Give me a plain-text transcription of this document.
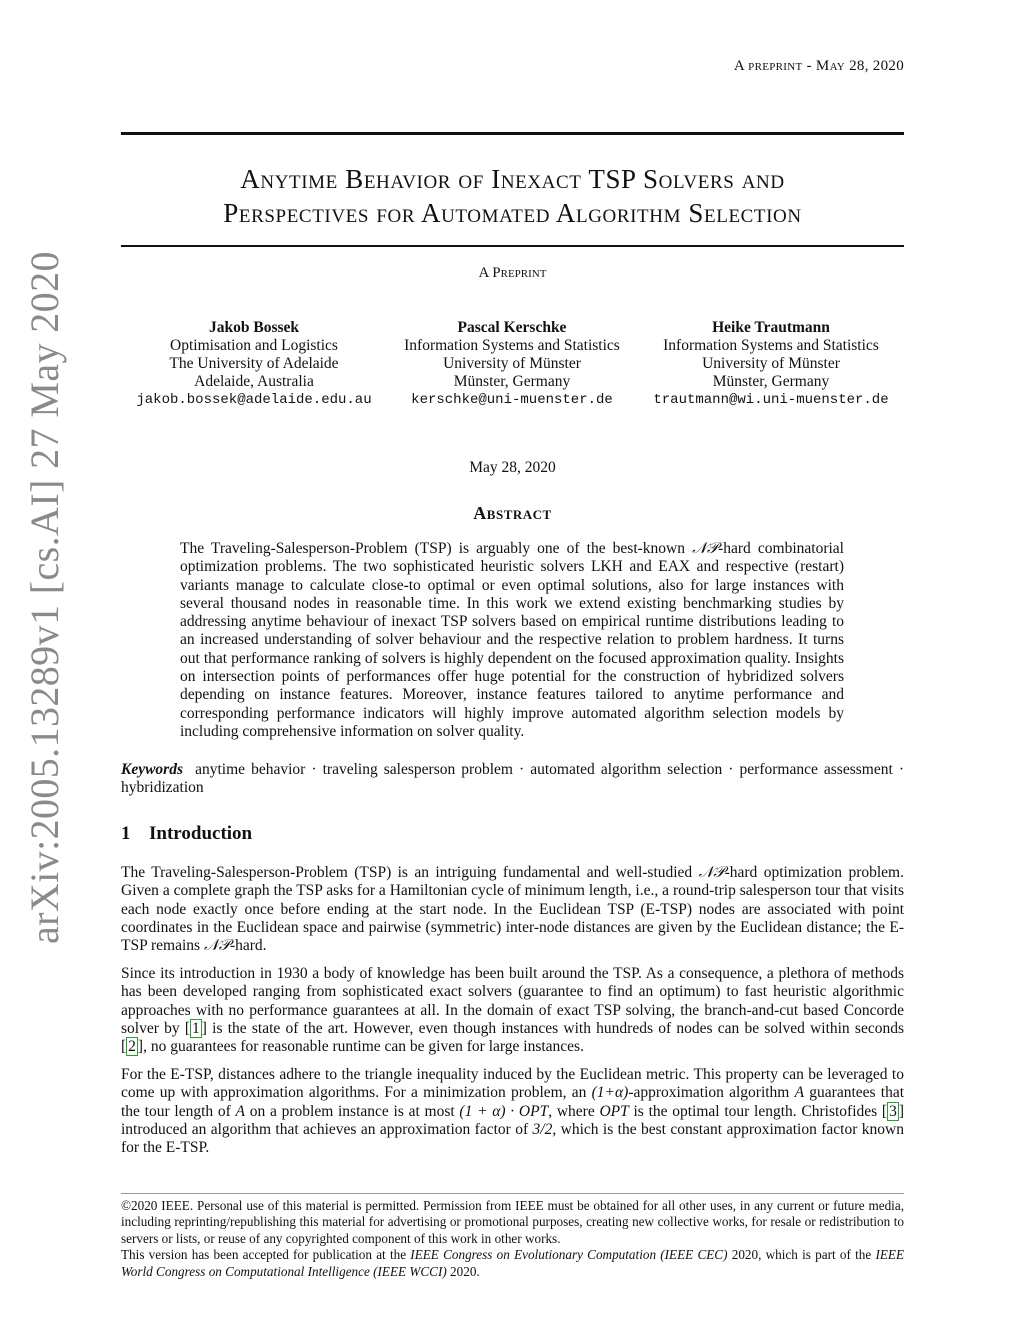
arXiv:2005.13289v1 [cs.AI] 27 May 2020
A preprint - May 28, 2020
Anytime Behavior of Inexact TSP Solvers and
Perspectives for Automated Algorithm Selection
A Preprint
Jakob Bossek
Optimisation and Logistics
The University of Adelaide
Adelaide, Australia
jakob.bossek@adelaide.edu.au
Pascal Kerschke
Information Systems and Statistics
University of Münster
Münster, Germany
kerschke@uni-muenster.de
Heike Trautmann
Information Systems and Statistics
University of Münster
Münster, Germany
trautmann@wi.uni-muenster.de
May 28, 2020
Abstract
The Traveling-Salesperson-Problem (TSP) is arguably one of the best-known 𝒩𝒫-hard combinatorial optimization problems. The two sophisticated heuristic solvers LKH and EAX and respective (restart) variants manage to calculate close-to optimal or even optimal solutions, also for large instances with several thousand nodes in reasonable time. In this work we extend existing benchmarking studies by addressing anytime behaviour of inexact TSP solvers based on empirical runtime distributions leading to an increased understanding of solver behaviour and the respective relation to problem hardness. It turns out that performance ranking of solvers is highly dependent on the focused approximation quality. Insights on intersection points of performances offer huge potential for the construction of hybridized solvers depending on instance features. Moreover, instance features tailored to anytime performance and corresponding performance indicators will highly improve automated algorithm selection models by including comprehensive information on solver quality.
Keywords anytime behavior · traveling salesperson problem · automated algorithm selection · performance assessment · hybridization
1 Introduction
The Traveling-Salesperson-Problem (TSP) is an intriguing fundamental and well-studied 𝒩𝒫-hard optimization problem. Given a complete graph the TSP asks for a Hamiltonian cycle of minimum length, i.e., a round-trip salesperson tour that visits each node exactly once before ending at the start node. In the Euclidean TSP (E-TSP) nodes are associated with point coordinates in the Euclidean space and pairwise (symmetric) inter-node distances are given by the Euclidean distance; the E-TSP remains 𝒩𝒫-hard.
Since its introduction in 1930 a body of knowledge has been built around the TSP. As a consequence, a plethora of methods has been developed ranging from sophisticated exact solvers (guarantee to find an optimum) to fast heuristic algorithmic approaches with no performance guarantees at all. In the domain of exact TSP solving, the branch-and-cut based Concorde solver by [ 1 ] is the state of the art. However, even though instances with hundreds of nodes can be solved within seconds [ 2 ], no guarantees for reasonable runtime can be given for large instances.
For the E-TSP, distances adhere to the triangle inequality induced by the Euclidean metric. This property can be leveraged to come up with approximation algorithms. For a minimization problem, an (1+α)-approximation algorithm A guarantees that the tour length of A on a problem instance is at most (1 + α) · OPT, where OPT is the optimal tour length. Christofides [ 3 ] introduced an algorithm that achieves an approximation factor of 3/2, which is the best constant approximation factor known for the E-TSP.
©2020 IEEE. Personal use of this material is permitted. Permission from IEEE must be obtained for all other uses, in any current or future media, including reprinting/republishing this material for advertising or promotional purposes, creating new collective works, for resale or redistribution to servers or lists, or reuse of any copyrighted component of this work in other works.
This version has been accepted for publication at the IEEE Congress on Evolutionary Computation (IEEE CEC) 2020, which is part of the IEEE World Congress on Computational Intelligence (IEEE WCCI) 2020.
